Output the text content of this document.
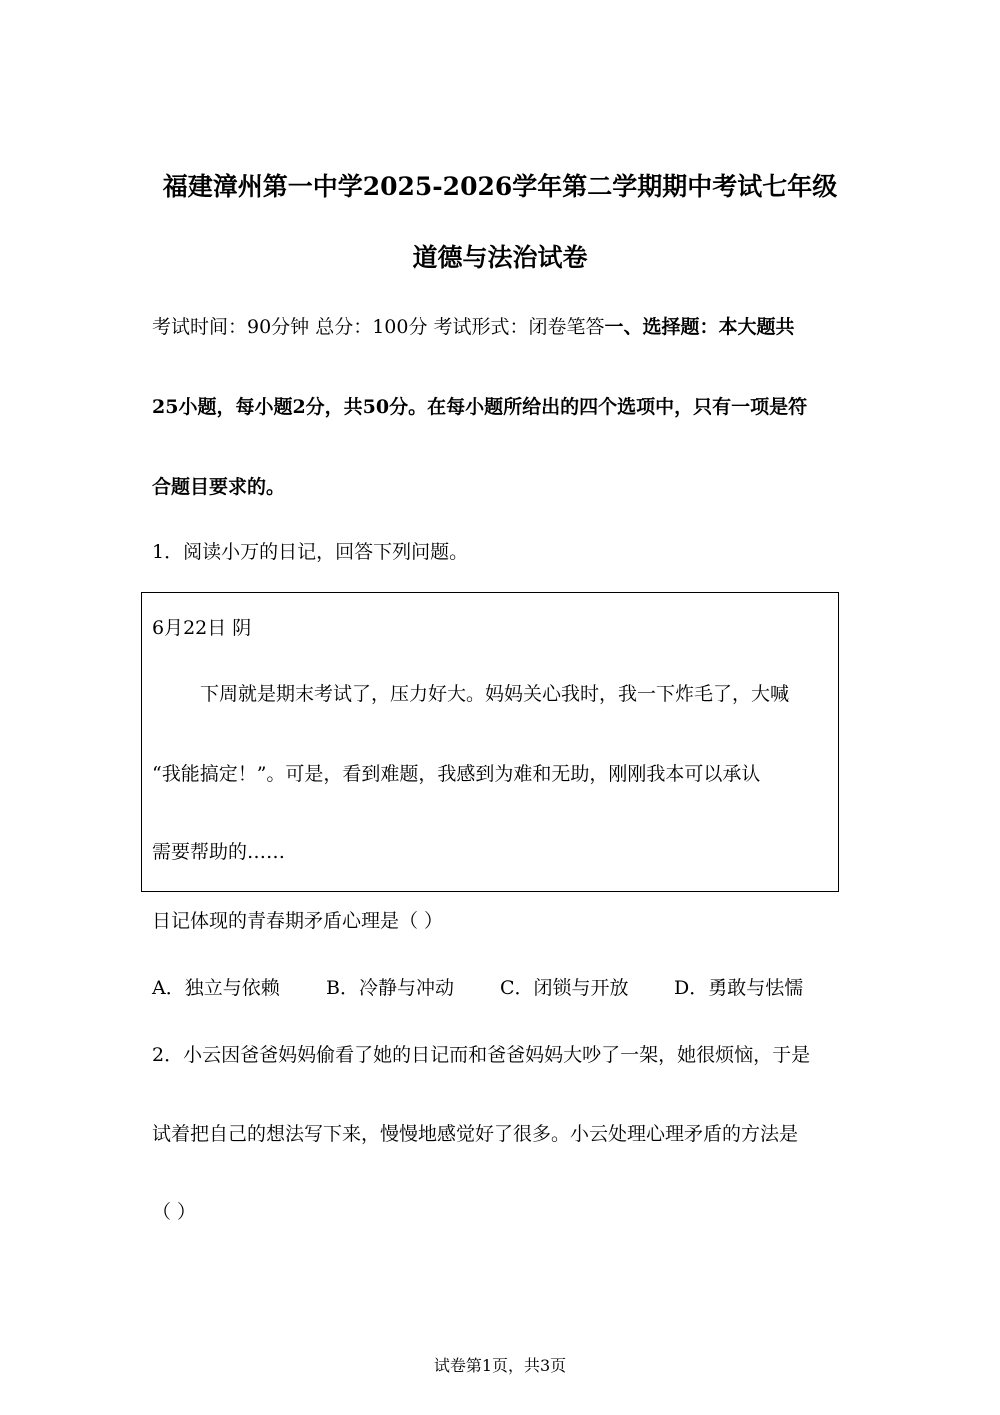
福建漳州第一中学2025-2026学年第二学期期中考试七年级
道德与法治试卷
考试时间：90分钟 总分：100分 考试形式：闭卷笔答一、选择题：本大题共
25小题，每小题2分，共50分。在每小题所给出的四个选项中，只有一项是符
合题目要求的。
1．阅读小万的日记，回答下列问题。
6月22日 阴
下周就是期末考试了，压力好大。妈妈关心我时，我一下炸毛了，大喊
“我能搞定！”。可是，看到难题，我感到为难和无助，刚刚我本可以承认
需要帮助的……
日记体现的青春期矛盾心理是（ ）
A．独立与依赖 B．冷静与冲动 C．闭锁与开放 D．勇敢与怯懦
2．小云因爸爸妈妈偷看了她的日记而和爸爸妈妈大吵了一架，她很烦恼，于是
试着把自己的想法写下来，慢慢地感觉好了很多。小云处理心理矛盾的方法是
（ ）
试卷第1页，共3页
